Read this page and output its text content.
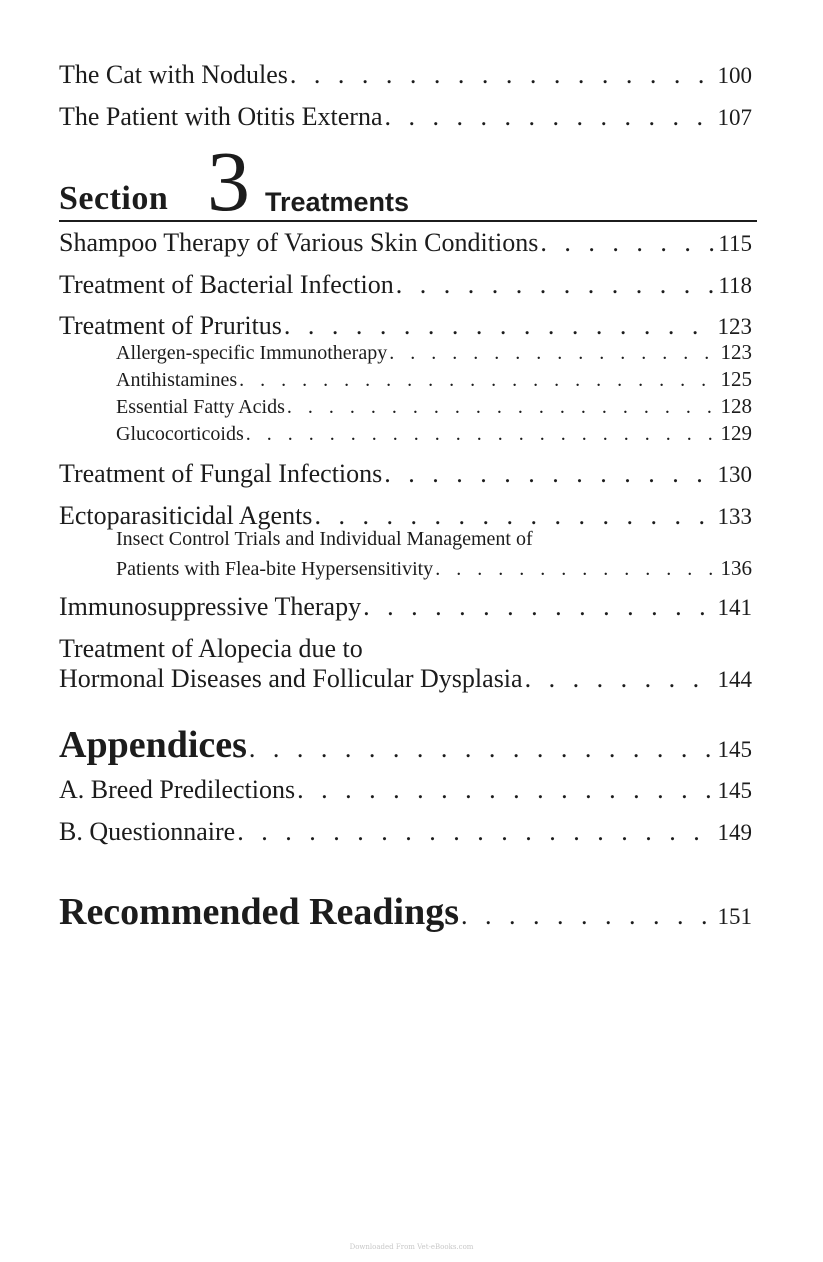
The Cat with Nodules . . .	100
The Patient with Otitis Externa . . .	107
Section 3 Treatments
Shampoo Therapy of Various Skin Conditions . . .	115
Treatment of Bacterial Infection . . .	118
Treatment of Pruritus . . .	123
Allergen-specific Immunotherapy . . .	123
Antihistamines . . .	125
Essential Fatty Acids . . .	128
Glucocorticoids . . .	129
Treatment of Fungal Infections . . .	130
Ectoparasiticidal Agents . . .	133
Insect Control Trials and Individual Management of
Patients with Flea-bite Hypersensitivity . . .	136
Immunosuppressive Therapy . . .	141
Treatment of Alopecia due to
Hormonal Diseases and Follicular Dysplasia . . .	144
Appendices . . .	145
A. Breed Predilections . . .	145
B. Questionnaire . . .	149
Recommended Readings . . .	151
Downloaded From Vet-eBooks.com
